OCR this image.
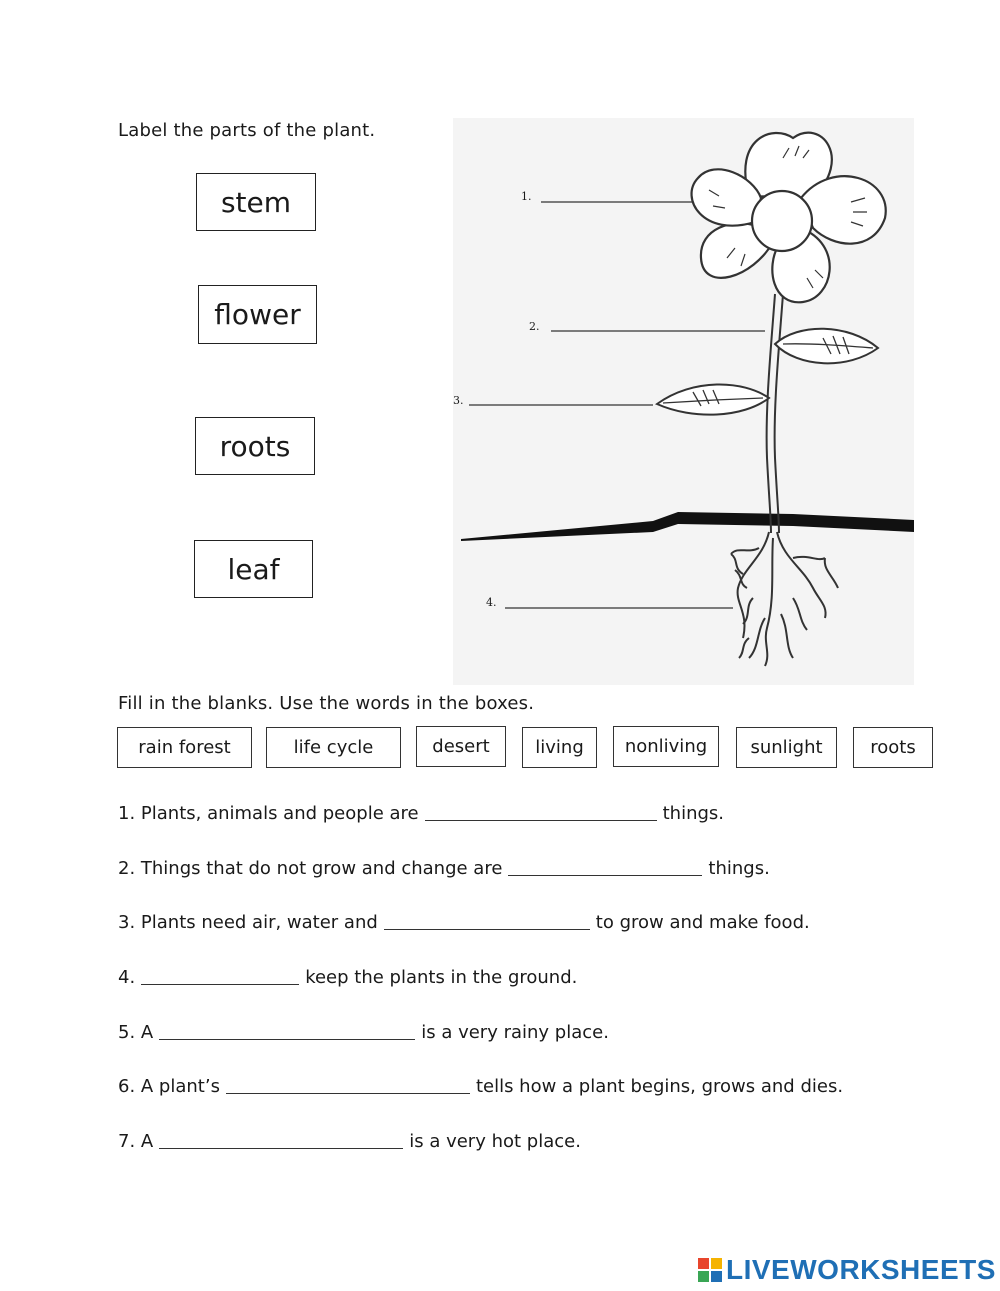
Label the parts of the plant.
stem
flower
roots
leaf
1.
2.
3.
4.
Fill in the blanks. Use the words in the boxes.
rain forest	life cycle	desert	living	nonliving	sunlight	roots
1. Plants, animals and people are	things.
2. Things that do not grow and change are	things.
3. Plants need air, water and	to grow and make food.
4.	keep the plants in the ground.
5. A	is a very rainy place.
6. A plant’s	tells how a plant begins, grows and dies.
7. A	is a very hot place.
LIVEWORKSHEETS
